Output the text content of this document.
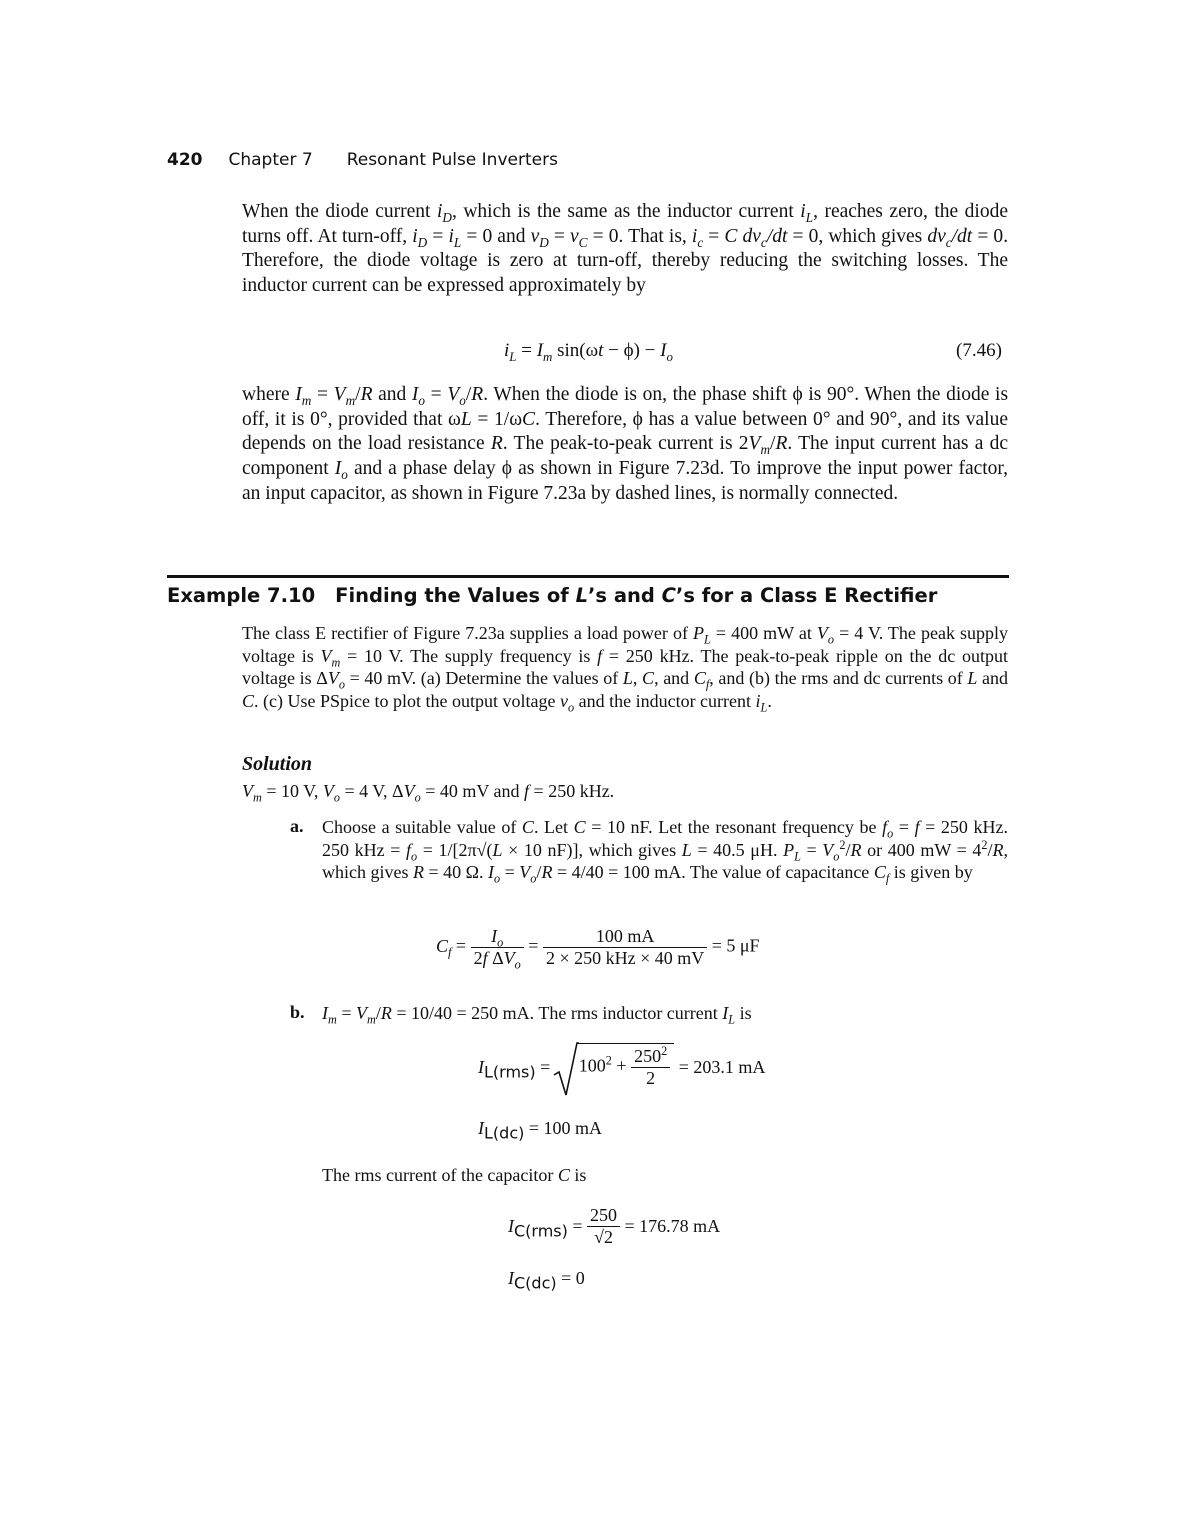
420 Chapter 7 Resonant Pulse Inverters
When the diode current $i_D$, which is the same as the inductor current $i_L$, reaches zero, the diode turns off. At turn-off, $i_D = i_L = 0$ and $v_D = v_C = 0$. That is, $i_c = C$ $dv_c/dt = 0$, which gives $dv_c/dt = 0$. Therefore, the diode voltage is zero at turn-off, thereby reducing the switching losses. The inductor current can be expressed approximately by
$i_L = I_m$ $\sin(\omega t - \phi) - I_o$	(7.46)
where $I_m = V_m/R$ and $I_o = V_o/R$. When the diode is on, the phase shift ϕ is 90°. When the diode is off, it is 0°, provided that ωL = 1/ωC. Therefore, ϕ has a value between 0° and 90°, and its value depends on the load resistance R. The peak-to-peak current is $2V_m/R$. The input current has a dc component $I_o$ and a phase delay ϕ as shown in Figure 7.23d. To improve the input power factor, an input capacitor, as shown in Figure 7.23a by dashed lines, is normally connected.
Example 7.10 Finding the Values of L’s and C’s for a Class E Rectifier
The class E rectifier of Figure 7.23a supplies a load power of $P_L = 400$ mW at $V_o = 4$ V. The peak supply voltage is $V_m = 10$ V. The supply frequency is f = 250 kHz. The peak-to-peak ripple on the dc output voltage is $\Delta V_o = 40$ mV. (a) Determine the values of L, C, and $C_f$, and (b) the rms and dc currents of L and C. (c) Use PSpice to plot the output voltage $v_o$ and the inductor current $i_L$.
Solution
$V_m = 10$ V, $V_o = 4$ V, $\Delta V_o = 40$ mV and f = 250 kHz.
a. Choose a suitable value of C. Let C = 10 nF. Let the resonant frequency be $f_o = f = 250$ kHz. 250 kHz = $f_o = 1/[2\pi√(L \times 10$ nF)], which gives L = 40.5 μH. $P_L = V_o^2/R$ or 400 mW = $4^2/R$, which gives R = 40 Ω. $I_o = V_o/R = 4/40 = 100$ mA. The value of capacitance $C_f$ is given by
$C_f = \frac{I_o}{2f \Delta V_o} = \frac{100 mA}{\text{2 × 250 kHz × 40 mV}} = 5$ μF
b. $I_m = V_m/R = 10/40 = 250$ mA. The rms inductor current $I_L$ is
$I_{L(rms)} = 100^2 + \frac{250^2}{2} = 203.1$ mA
$I_{L(dc)} = 100$ mA
The rms current of the capacitor C is
$I_{C(rms)} = \frac{250}{√2} = 176.78$ mA
$I_{C(dc)} = 0$
